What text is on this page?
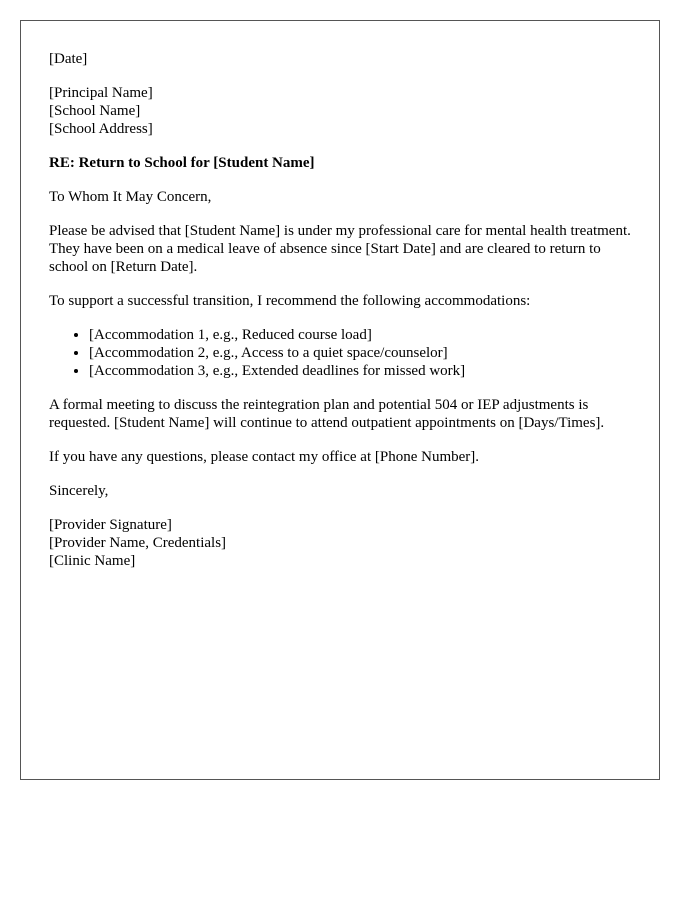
[Date]

[Principal Name]
[School Name]
[School Address]

RE: Return to School for [Student Name]

To Whom It May Concern,

Please be advised that [Student Name] is under my professional care for mental health treatment. They have been on a medical leave of absence since [Start Date] and are cleared to return to school on [Return Date].

To support a successful transition, I recommend the following accommodations:

• [Accommodation 1, e.g., Reduced course load]
• [Accommodation 2, e.g., Access to a quiet space/counselor]
• [Accommodation 3, e.g., Extended deadlines for missed work]

A formal meeting to discuss the reintegration plan and potential 504 or IEP adjustments is requested. [Student Name] will continue to attend outpatient appointments on [Days/Times].

If you have any questions, please contact my office at [Phone Number].

Sincerely,

[Provider Signature]
[Provider Name, Credentials]
[Clinic Name]
